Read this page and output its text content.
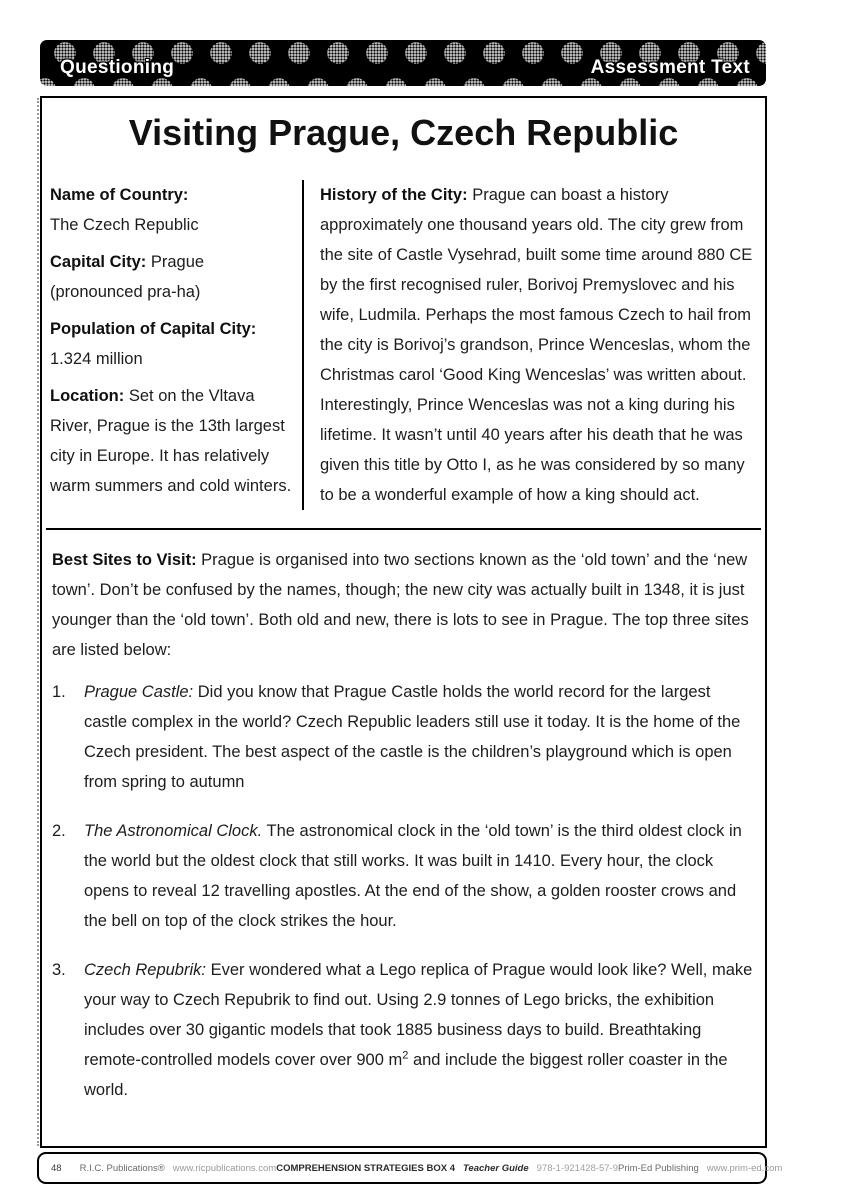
Questioning	Assessment Text
Visiting Prague, Czech Republic

Name of Country:
The Czech Republic

Capital City: Prague (pronounced pra-ha)

Population of Capital City:
1.324 million

Location: Set on the Vltava River, Prague is the 13th largest city in Europe. It has relatively warm summers and cold winters.

History of the City: Prague can boast a history approximately one thousand years old. The city grew from the site of Castle Vysehrad, built some time around 880 CE by the first recognised ruler, Borivoj Premyslovec and his wife, Ludmila. Perhaps the most famous Czech to hail from the city is Borivoj’s grandson, Prince Wenceslas, whom the Christmas carol ‘Good King Wenceslas’ was written about. Interestingly, Prince Wenceslas was not a king during his lifetime. It wasn’t until 40 years after his death that he was given this title by Otto I, as he was considered by so many to be a wonderful example of how a king should act.

Best Sites to Visit: Prague is organised into two sections known as the ‘old town’ and the ‘new town’. Don’t be confused by the names, though; the new city was actually built in 1348, it is just younger than the ‘old town’. Both old and new, there is lots to see in Prague. The top three sites are listed below:

1.	Prague Castle: Did you know that Prague Castle holds the world record for the largest castle complex in the world? Czech Republic leaders still use it today. It is the home of the Czech president. The best aspect of the castle is the children’s playground which is open from spring to autumn

2.	The Astronomical Clock. The astronomical clock in the ‘old town’ is the third oldest clock in the world but the oldest clock that still works. It was built in 1410. Every hour, the clock opens to reveal 12 travelling apostles. At the end of the show, a golden rooster crows and the bell on top of the clock strikes the hour.

3.	Czech Repubrik: Ever wondered what a Lego replica of Prague would look like? Well, make your way to Czech Repubrik to find out. Using 2.9 tonnes of Lego bricks, the exhibition includes over 30 gigantic models that took 1885 business days to build. Breathtaking remote-controlled models cover over 900 $m^2$ and include the biggest roller coaster in the world.

48 R.I.C. Publications® www.ricpublications.com COMPREHENSION STRATEGIES BOX 4 Teacher Guide 978-1-921428-57-9 Prim-Ed Publishing www.prim-ed.com
